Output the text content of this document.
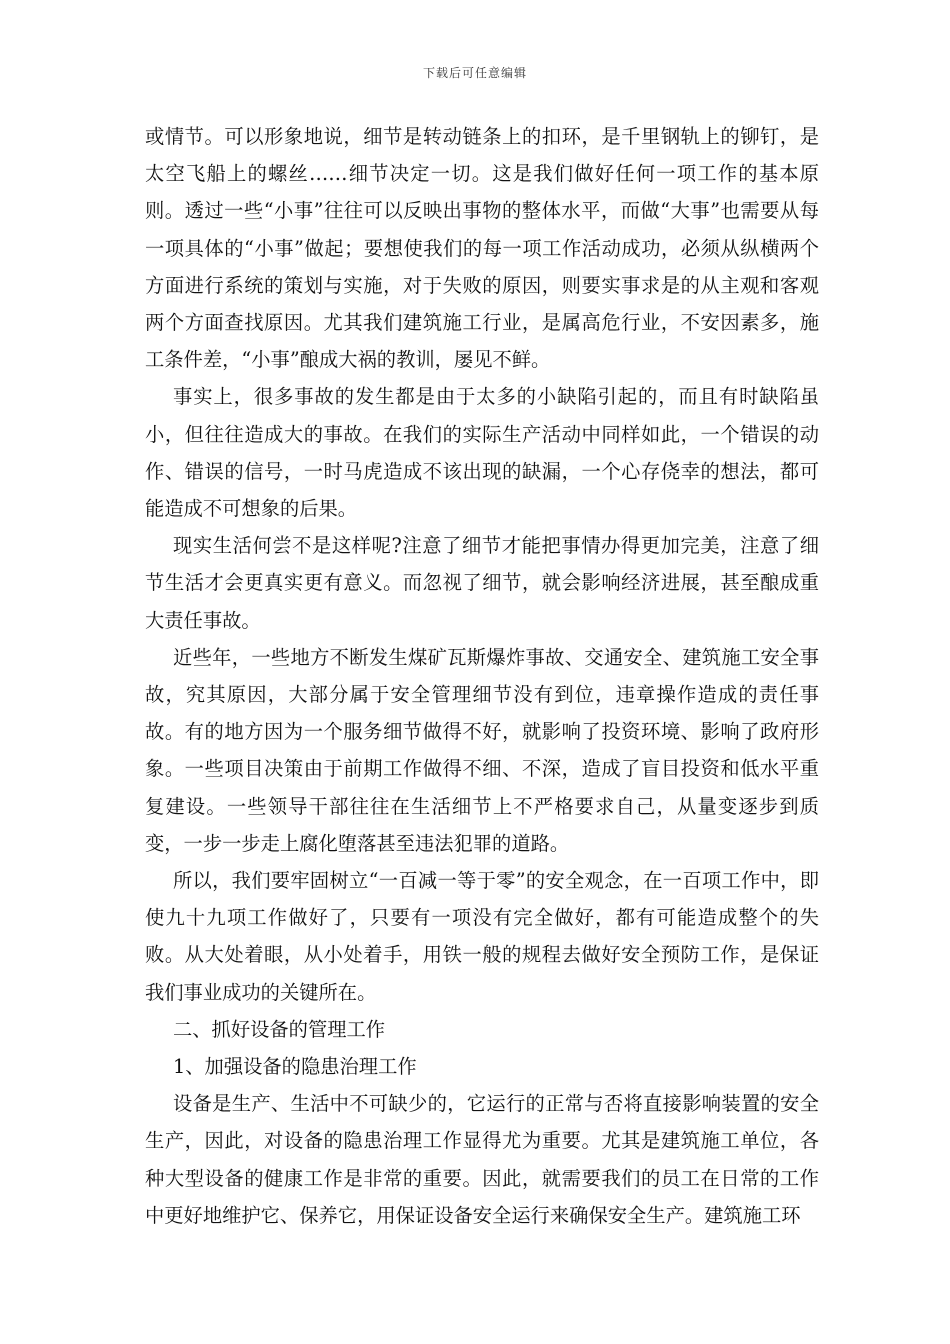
下载后可任意编辑

或情节。可以形象地说，细节是转动链条上的扣环，是千里钢轨上的铆钉，是太空飞船上的螺丝……细节决定一切。这是我们做好任何一项工作的基本原则。透过一些“小事”往往可以反映出事物的整体水平，而做“大事”也需要从每一项具体的“小事”做起；要想使我们的每一项工作活动成功，必须从纵横两个方面进行系统的策划与实施，对于失败的原因，则要实事求是的从主观和客观两个方面查找原因。尤其我们建筑施工行业，是属高危行业，不安因素多，施工条件差，“小事”酿成大祸的教训，屡见不鲜。

事实上，很多事故的发生都是由于太多的小缺陷引起的，而且有时缺陷虽小，但往往造成大的事故。在我们的实际生产活动中同样如此，一个错误的动作、错误的信号，一时马虎造成不该出现的缺漏，一个心存侥幸的想法，都可能造成不可想象的后果。

现实生活何尝不是这样呢?注意了细节才能把事情办得更加完美，注意了细节生活才会更真实更有意义。而忽视了细节，就会影响经济进展，甚至酿成重大责任事故。

近些年，一些地方不断发生煤矿瓦斯爆炸事故、交通安全、建筑施工安全事故，究其原因，大部分属于安全管理细节没有到位，违章操作造成的责任事故。有的地方因为一个服务细节做得不好，就影响了投资环境、影响了政府形象。一些项目决策由于前期工作做得不细、不深，造成了盲目投资和低水平重复建设。一些领导干部往往在生活细节上不严格要求自己，从量变逐步到质变，一步一步走上腐化堕落甚至违法犯罪的道路。

所以，我们要牢固树立“一百减一等于零”的安全观念，在一百项工作中，即使九十九项工作做好了，只要有一项没有完全做好，都有可能造成整个的失败。从大处着眼，从小处着手，用铁一般的规程去做好安全预防工作，是保证我们事业成功的关键所在。

二、抓好设备的管理工作

1、加强设备的隐患治理工作

设备是生产、生活中不可缺少的，它运行的正常与否将直接影响装置的安全生产，因此，对设备的隐患治理工作显得尤为重要。尤其是建筑施工单位，各种大型设备的健康工作是非常的重要。因此，就需要我们的员工在日常的工作中更好地维护它、保养它，用保证设备安全运行来确保安全生产。建筑施工环
